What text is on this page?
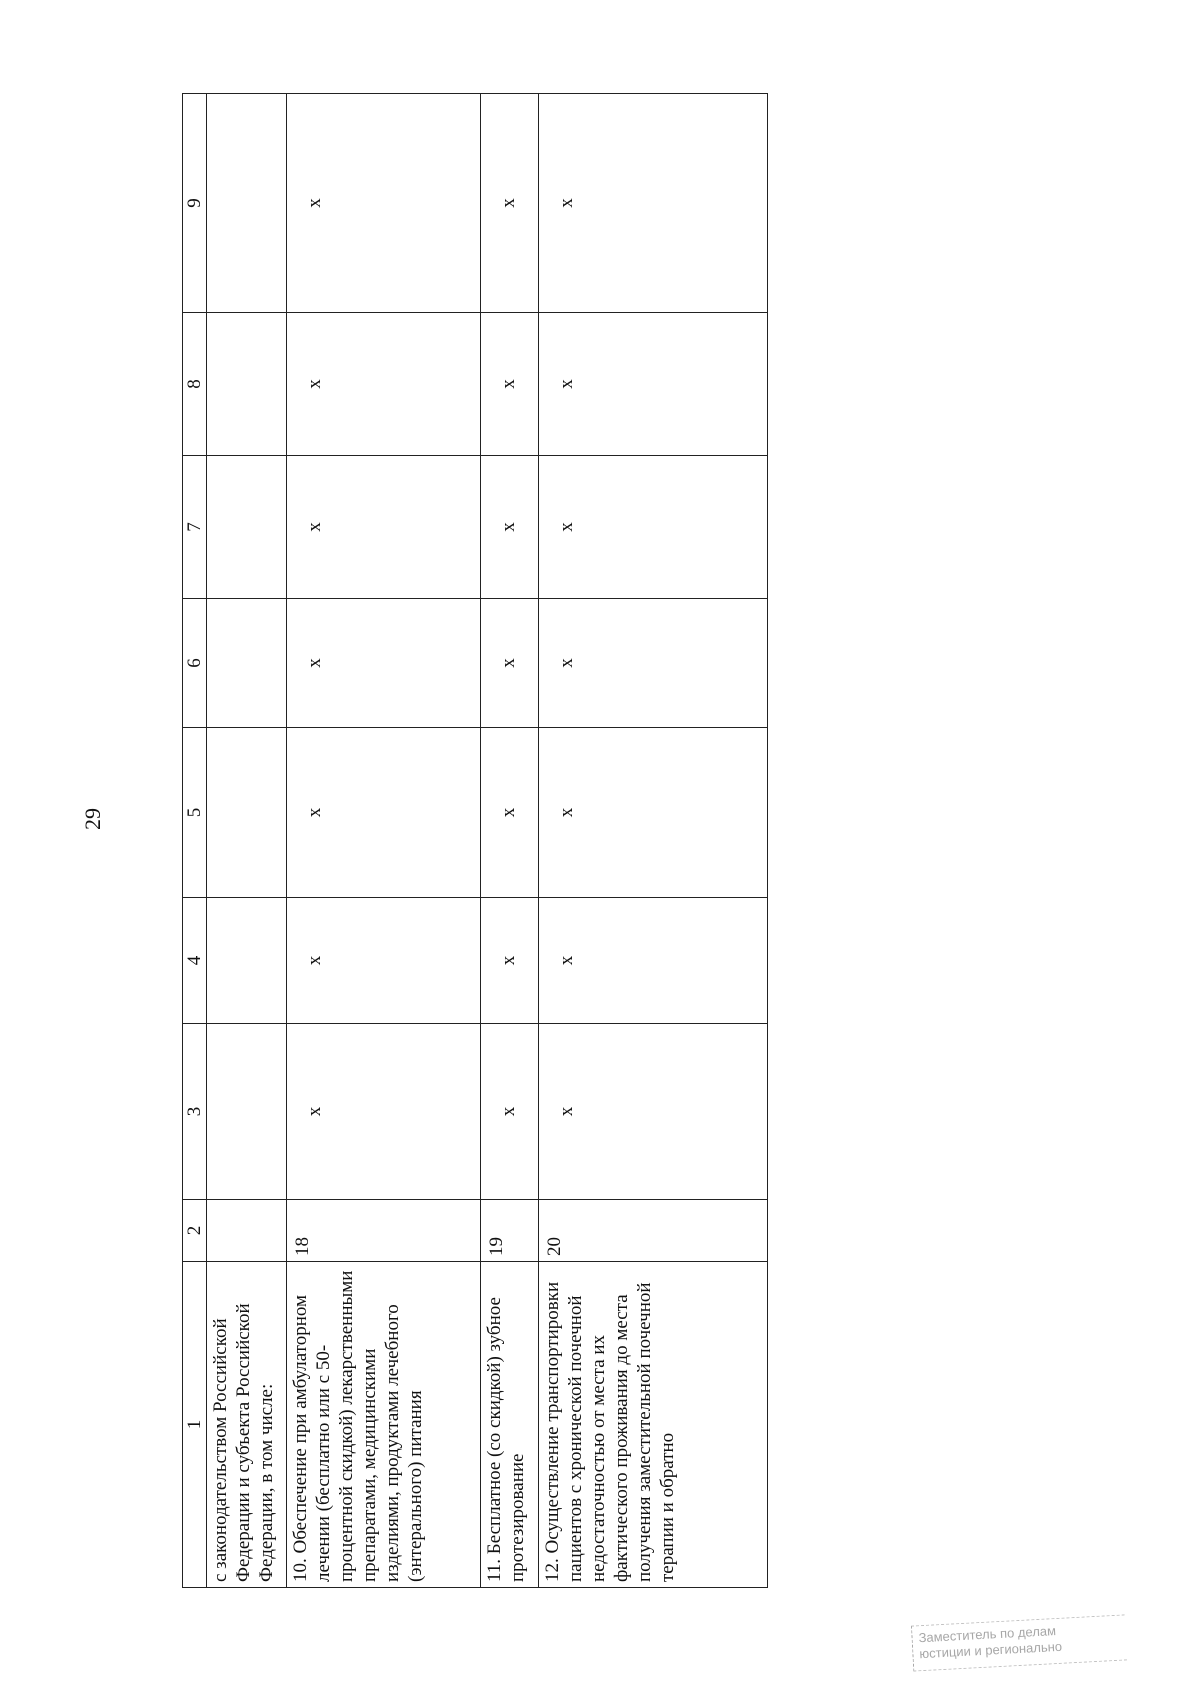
29
1	2	3	4	5	6	7	8	9
с законодательством Российской Федерации и субъекта Российской Федерации, в том числе:	

10. Обеспечение при амбулаторном лечении (бесплатно или с 50-процентной скидкой) лекарственными препаратами, медицинскими изделиями, продуктами лечебного (энтерального) питания	18	х	х	х	х	х	х	х

11. Бесплатное (со скидкой) зубное протезирование	19	х	х	х	х	х	х	х

12. Осуществление транспортировки пациентов с хронической почечной недостаточностью от места их фактического проживания до места получения заместительной почечной терапии и обратно	20	х	х	х	х	х	х	х
Заместитель по делам
юстиции и регионально
